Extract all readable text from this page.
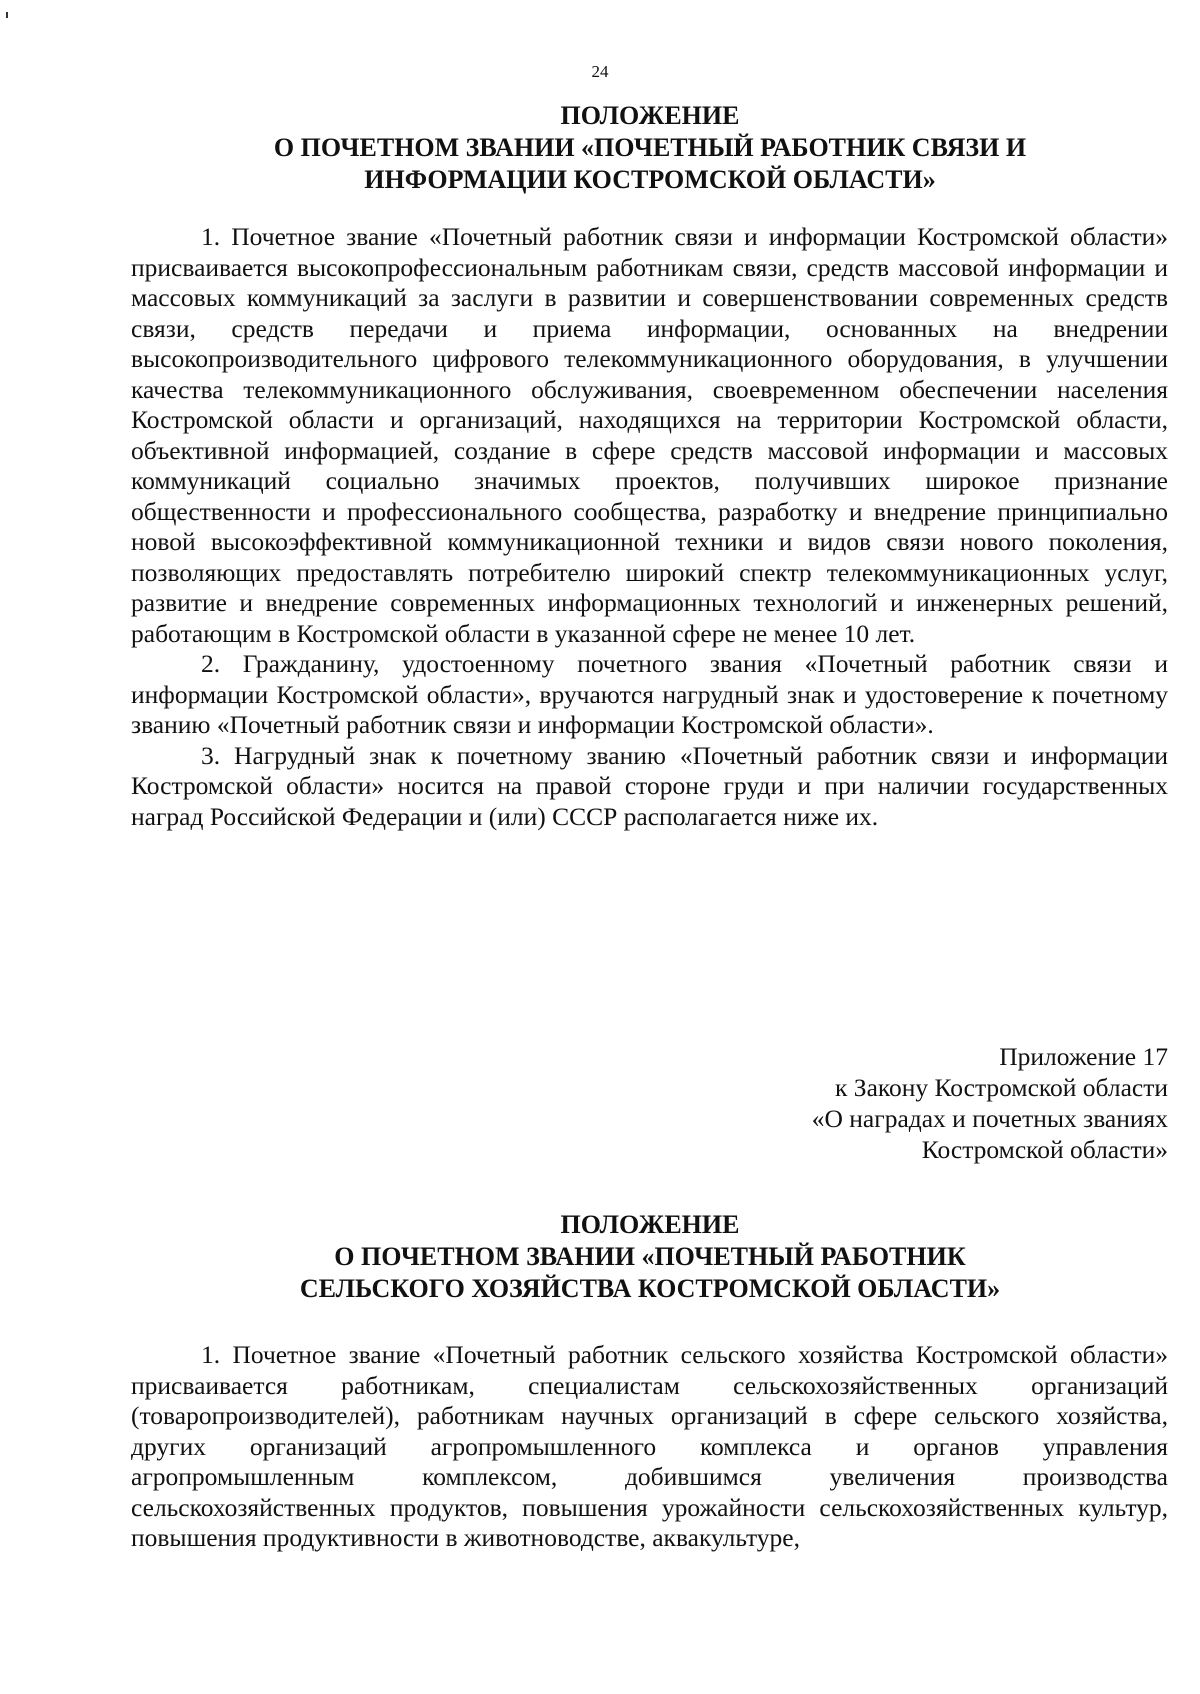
24
ПОЛОЖЕНИЕ
О ПОЧЕТНОМ ЗВАНИИ «ПОЧЕТНЫЙ РАБОТНИК СВЯЗИ И
ИНФОРМАЦИИ КОСТРОМСКОЙ ОБЛАСТИ»

1. Почетное звание «Почетный работник связи и информации Костромской области» присваивается высокопрофессиональным работникам связи, средств массовой информации и массовых коммуникаций за заслуги в развитии и совершенствовании современных средств связи, средств передачи и приема информации, основанных на внедрении высокопроизводительного цифрового телекоммуникационного оборудования, в улучшении качества телекоммуникационного обслуживания, своевременном обеспечении населения Костромской области и организаций, находящихся на территории Костромской области, объективной информацией, создание в сфере средств массовой информации и массовых коммуникаций социально значимых проектов, получивших широкое признание общественности и профессионального сообщества, разработку и внедрение принципиально новой высокоэффективной коммуникационной техники и видов связи нового поколения, позволяющих предоставлять потребителю широкий спектр телекоммуникационных услуг, развитие и внедрение современных информационных технологий и инженерных решений, работающим в Костромской области в указанной сфере не менее 10 лет.

2. Гражданину, удостоенному почетного звания «Почетный работник связи и информации Костромской области», вручаются нагрудный знак и удостоверение к почетному званию «Почетный работник связи и информации Костромской области».

3. Нагрудный знак к почетному званию «Почетный работник связи и информации Костромской области» носится на правой стороне груди и при наличии государственных наград Российской Федерации и (или) СССР располагается ниже их.

Приложение 17
к Закону Костромской области
«О наградах и почетных званиях
Костромской области»
ПОЛОЖЕНИЕ
О ПОЧЕТНОМ ЗВАНИИ «ПОЧЕТНЫЙ РАБОТНИК
СЕЛЬСКОГО ХОЗЯЙСТВА КОСТРОМСКОЙ ОБЛАСТИ»

1. Почетное звание «Почетный работник сельского хозяйства Костромской области» присваивается работникам, специалистам сельскохозяйственных организаций (товаропроизводителей), работникам научных организаций в сфере сельского хозяйства, других организаций агропромышленного комплекса и органов управления агропромышленным комплексом, добившимся увеличения производства сельскохозяйственных продуктов, повышения урожайности сельскохозяйственных культур, повышения продуктивности в животноводстве, аквакультуре,
